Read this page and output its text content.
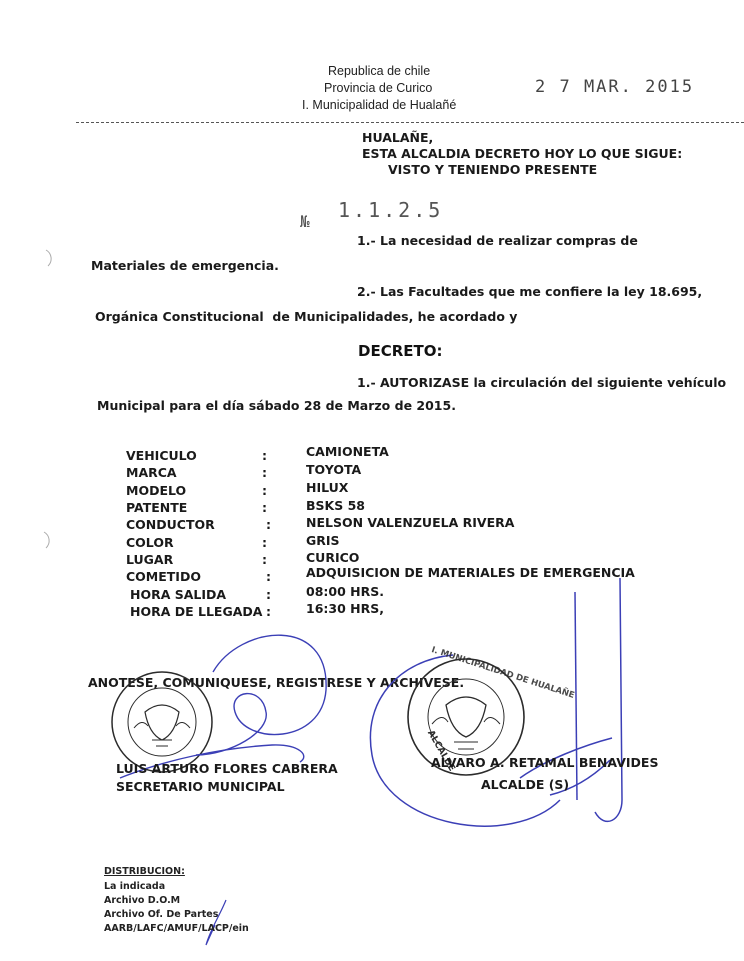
Republica de chile
Provincia de Curico
I. Municipalidad de Hualañé
2 7 MAR. 2015
HUALAÑE,
ESTA ALCALDIA DECRETO HOY LO QUE SIGUE:
VISTO Y TENIENDO PRESENTE
№ 1.1.2.5
1.- La necesidad de realizar compras de
Materiales de emergencia.
2.- Las Facultades que me confiere la ley 18.695,
Orgánica Constitucional  de Municipalidades, he acordado y
DECRETO:
1.- AUTORIZASE la circulación del siguiente vehículo
Municipal para el día sábado 28 de Marzo de 2015.
VEHICULO	:	CAMIONETA
MARCA	:	TOYOTA
MODELO	:	HILUX
PATENTE	:	BSKS 58
CONDUCTOR	:	NELSON VALENZUELA RIVERA
COLOR	:	GRIS
LUGAR	:	CURICO
COMETIDO	:	ADQUISICION DE MATERIALES DE EMERGENCIA
HORA SALIDA	:	08:00 HRS.
HORA DE LLEGADA :	16:30 HRS,
ANOTESE, COMUNIQUESE, REGISTRESE Y ARCHIVESE.
I. MUNICIPALIDAD DE HUALAÑE
ALCALDE
LUIS ARTURO FLORES CABRERA
SECRETARIO MUNICIPAL
ALVARO A. RETAMAL BENAVIDES
ALCALDE (S)
DISTRIBUCION:
La indicada
Archivo D.O.M
Archivo Of. De Partes
AARB/LAFC/AMUF/LACP/ein
